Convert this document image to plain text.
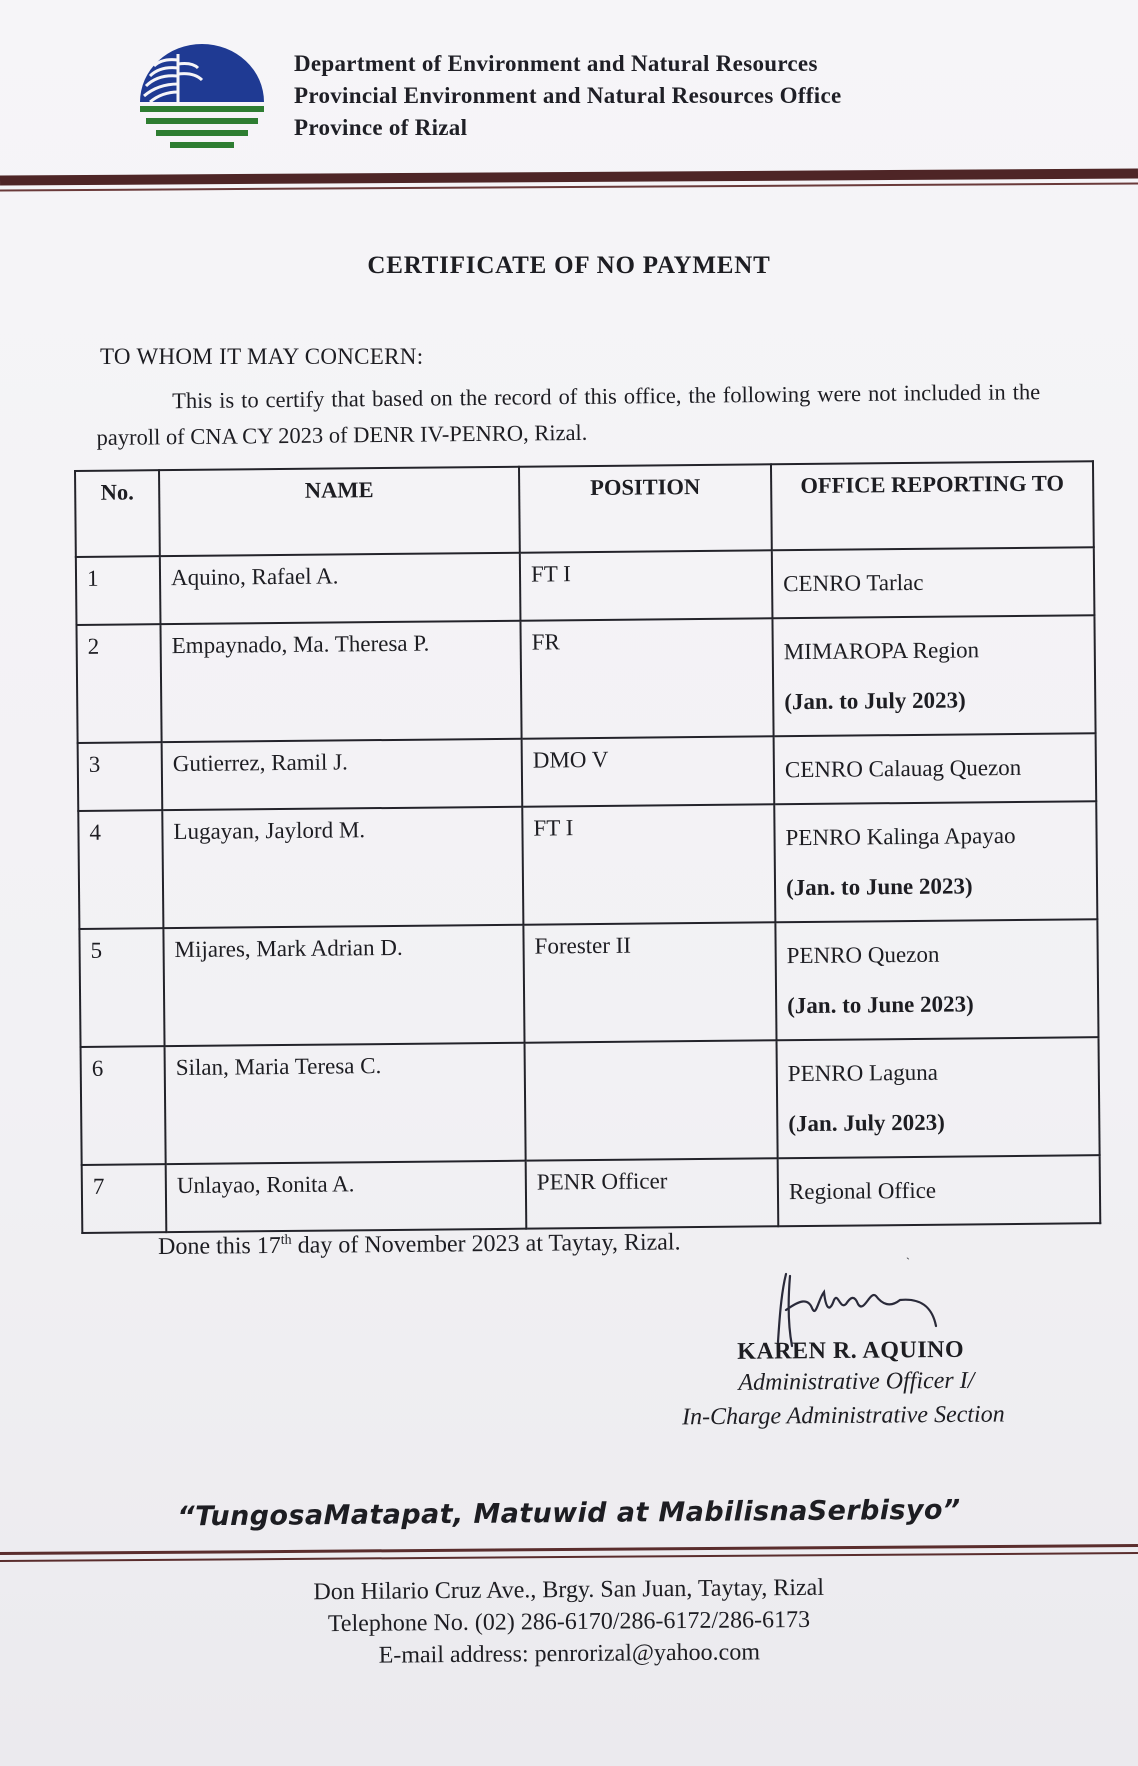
Department of Environment and Natural Resources
Provincial Environment and Natural Resources Office
Province of Rizal
CERTIFICATE OF NO PAYMENT
TO WHOM IT MAY CONCERN:
This is to certify that based on the record of this office, the following were not included in the payroll of CNA CY 2023 of DENR IV-PENRO, Rizal.
No.	NAME	POSITION	OFFICE REPORTING TO
1	Aquino, Rafael A.	FT I	CENRO Tarlac
2	Empaynado, Ma. Theresa P.	FR	MIMAROPA Region
(Jan. to July 2023)

3	Gutierrez, Ramil J.	DMO V	CENRO Calauag Quezon
4	Lugayan, Jaylord M.	FT I	PENRO Kalinga Apayao
(Jan. to June 2023)

5	Mijares, Mark Adrian D.	Forester II	PENRO Quezon
(Jan. to June 2023)

6	Silan, Maria Teresa C.		PENRO Laguna
(Jan. July 2023)

7	Unlayao, Ronita A.	PENR Officer	Regional Office
Done this 17th day of November 2023 at Taytay, Rizal.	ˎ
KAREN R. AQUINO
Administrative Officer I/
In-Charge Administrative Section
“TungosaMatapat, Matuwid at MabilisnaSerbisyo”
Don Hilario Cruz Ave., Brgy. San Juan, Taytay, Rizal
Telephone No. (02) 286-6170/286-6172/286-6173
E-mail address: penrorizal@yahoo.com
